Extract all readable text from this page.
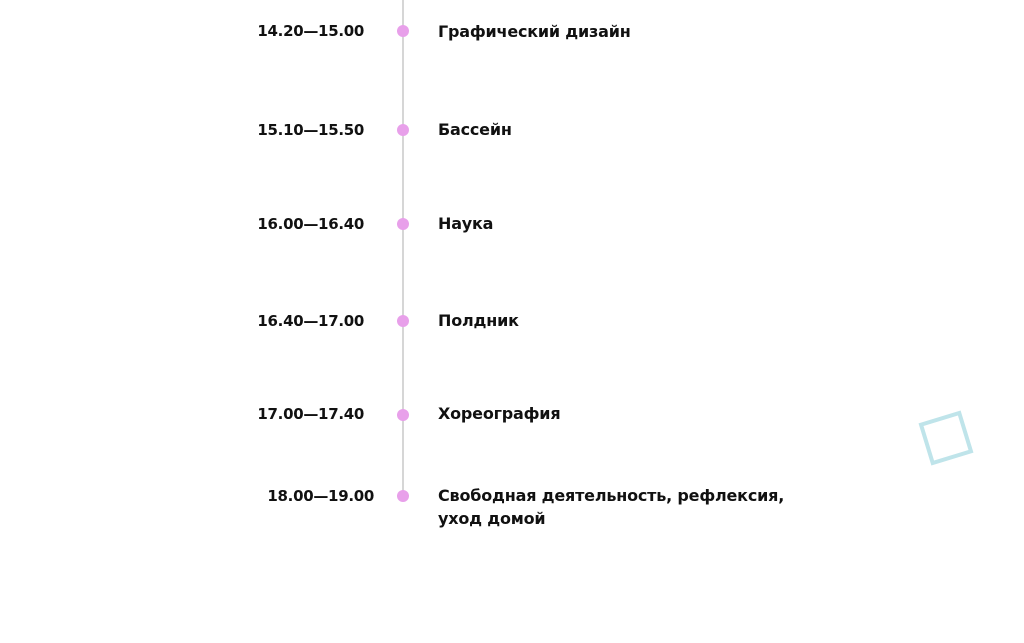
14.20—15.00	Графический дизайн
15.10—15.50	Бассейн
16.00—16.40	Наука
16.40—17.00	Полдник
17.00—17.40	Хореография
18.00—19.00	Свободная деятельность, рефлексия,
уход домой
